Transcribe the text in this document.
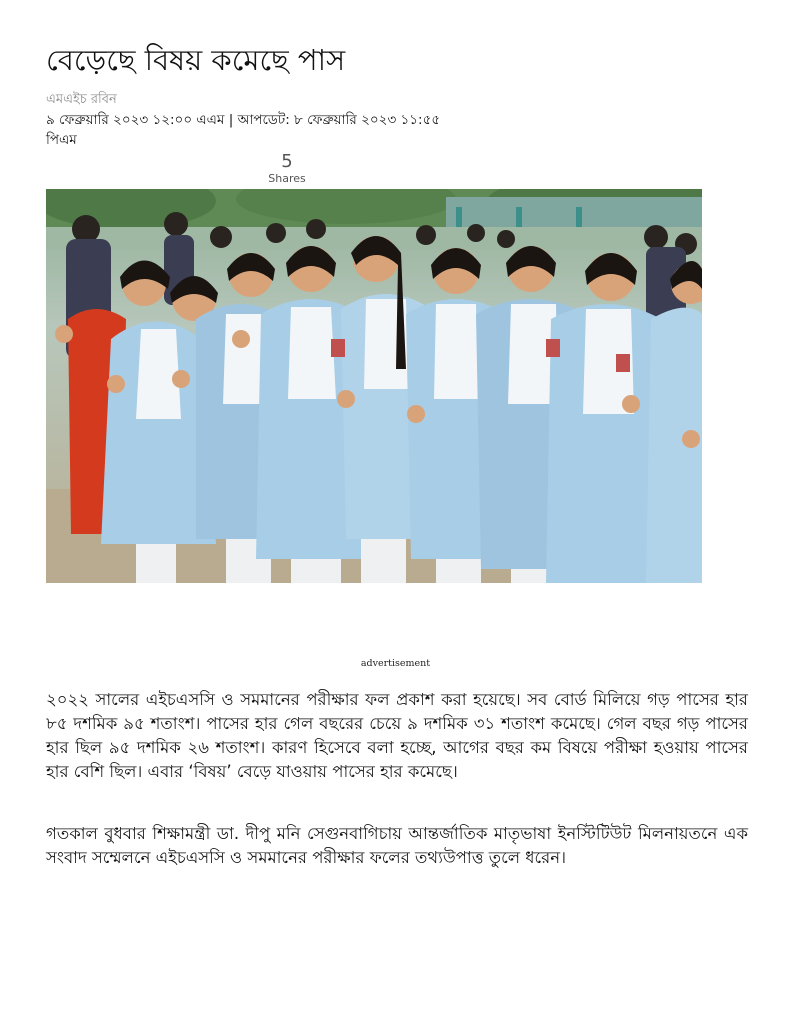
বেড়েছে বিষয় কমেছে পাস
এমএইচ রবিন
৯ ফেব্রুয়ারি ২০২৩ ১২:০০ এএম | আপডেট: ৮ ফেব্রুয়ারি ২০২৩ ১১:৫৫ পিএম
5
Shares
advertisement

২০২২ সালের এইচএসসি ও সমমানের পরীক্ষার ফল প্রকাশ করা হয়েছে। সব বোর্ড মিলিয়ে গড় পাসের হার ৮৫ দশমিক ৯৫ শতাংশ। পাসের হার গেল বছরের চেয়ে ৯ দশমিক ৩১ শতাংশ কমেছে। গেল বছর গড় পাসের হার ছিল ৯৫ দশমিক ২৬ শতাংশ। কারণ হিসেবে বলা হচ্ছে, আগের বছর কম বিষয়ে পরীক্ষা হওয়ায় পাসের হার বেশি ছিল। এবার ‘বিষয়’ বেড়ে যাওয়ায় পাসের হার কমেছে।

গতকাল বুধবার শিক্ষামন্ত্রী ডা. দীপু মনি সেগুনবাগিচায় আন্তর্জাতিক মাতৃভাষা ইনস্টিটিউট মিলনায়তনে এক সংবাদ সম্মেলনে এইচএসসি ও সমমানের পরীক্ষার ফলের তথ্যউপাত্ত তুলে ধরেন।
